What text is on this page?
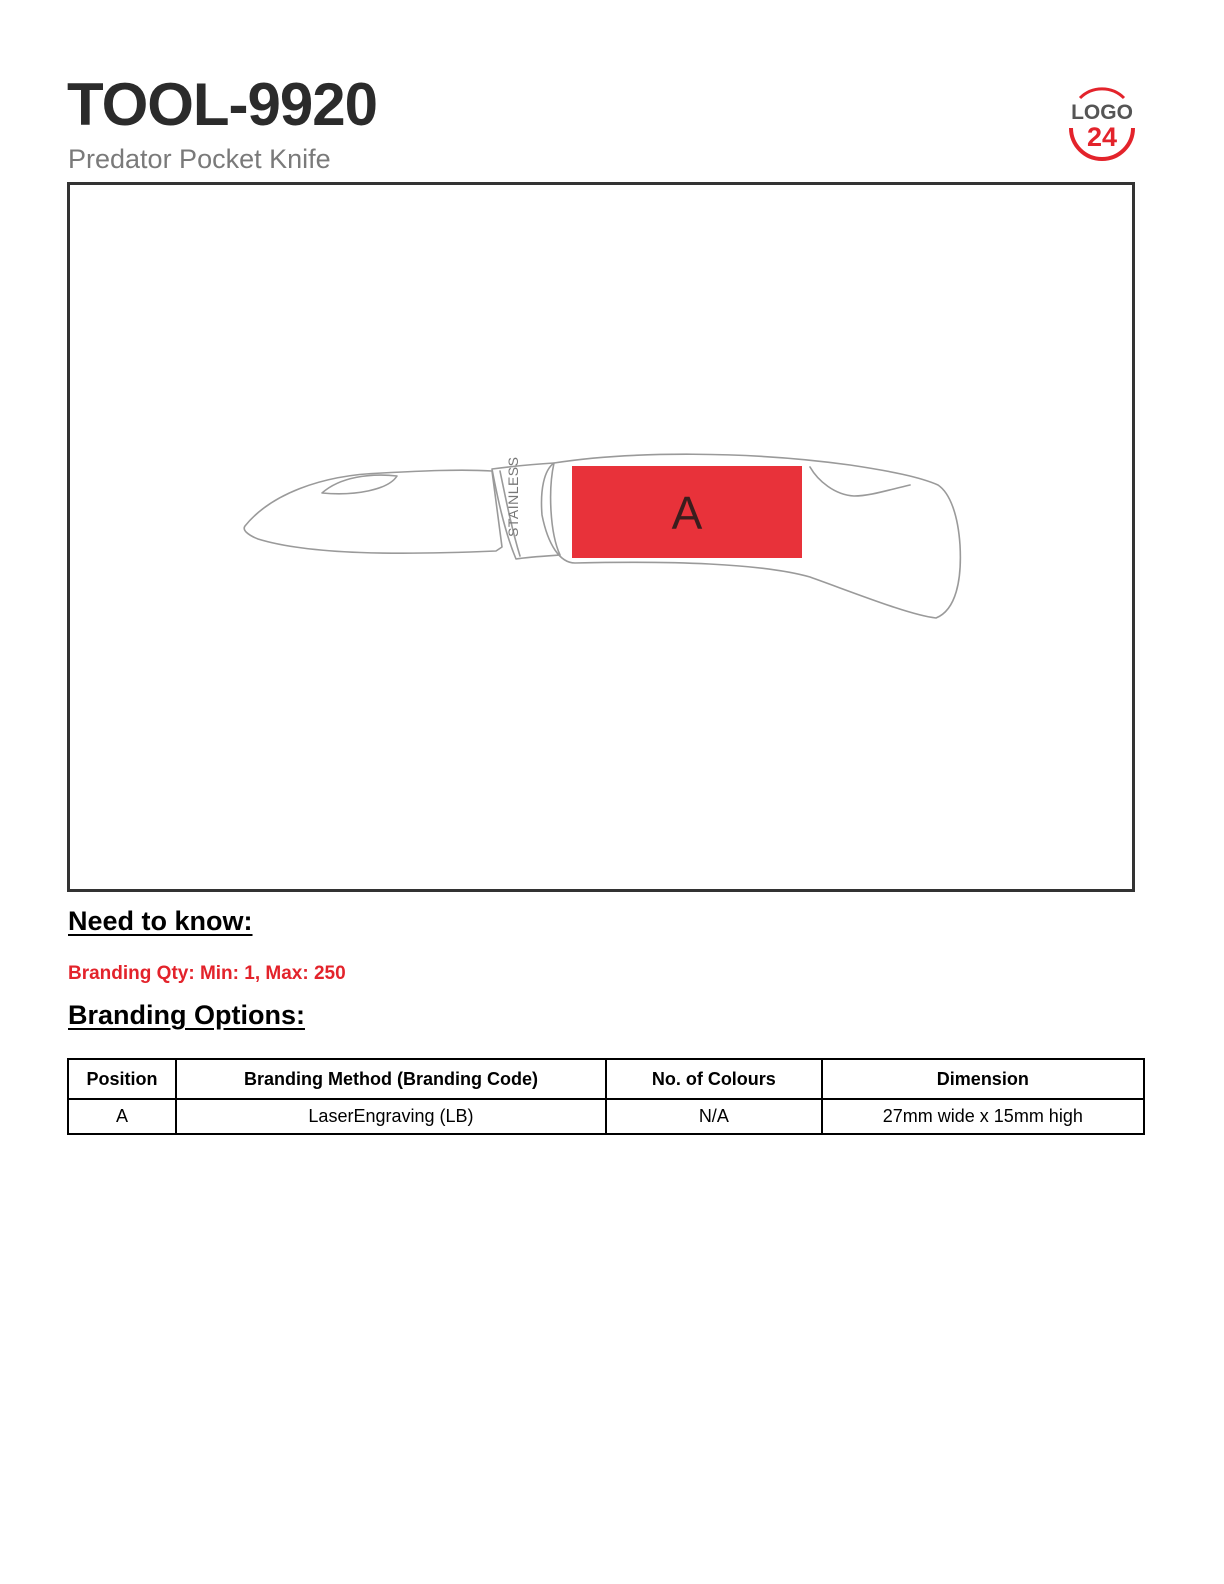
TOOL-9920
Predator Pocket Knife
LOGO
24
STAINLESS	A
Need to know:
Branding Qty: Min: 1, Max: 250
Branding Options:
Position	Branding Method (Branding Code)	No. of Colours	Dimension
A	LaserEngraving (LB)	N/A	27mm wide x 15mm high
